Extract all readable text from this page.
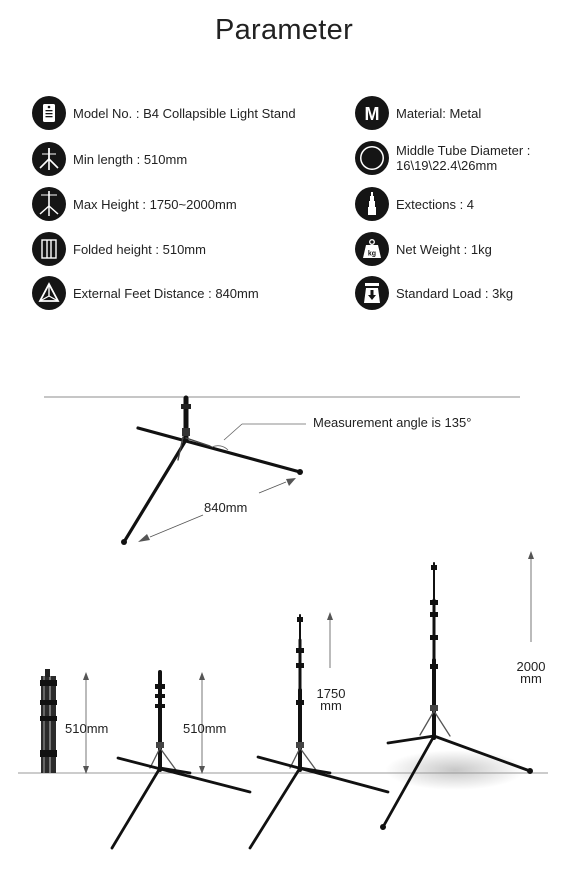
Parameter
Model No. : B4 Collapsible Light Stand
Min length : 510mm
Max Height : 1750~2000mm
Folded height : 510mm
External Feet Distance : 840mm
M Material: Metal
Middle Tube Diameter :
16\19\22.4\26mm
Extections : 4
kg Net Weight : 1kg
Standard Load : 3kg
Measurement angle is 135°
840mm
510mm	510mm
1750
mm
2000
mm
